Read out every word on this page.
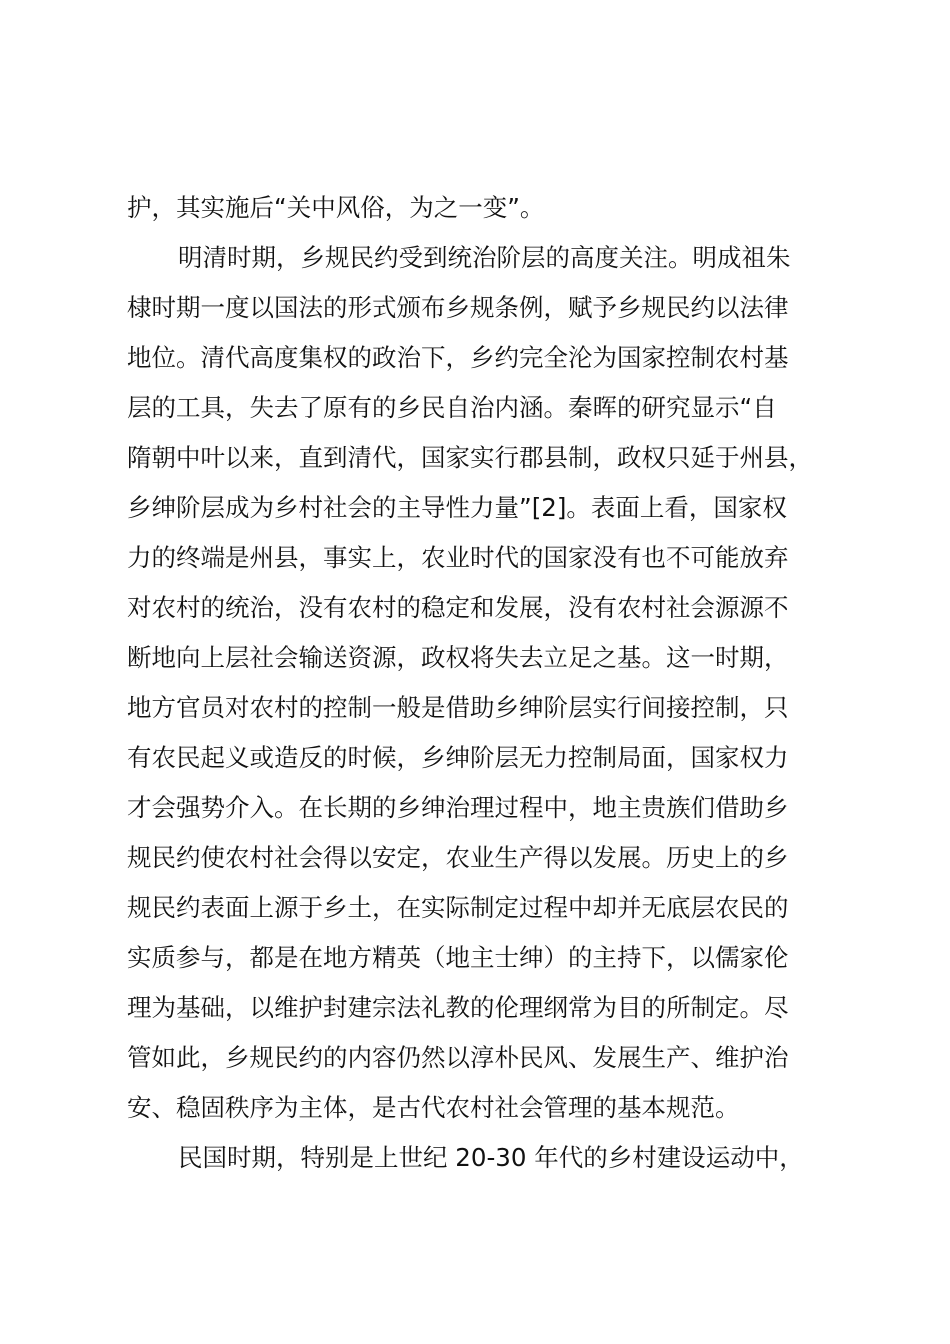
护，其实施后“关中风俗，为之一变”。
明清时期，乡规民约受到统治阶层的高度关注。明成祖朱
棣时期一度以国法的形式颁布乡规条例，赋予乡规民约以法律
地位。清代高度集权的政治下，乡约完全沦为国家控制农村基
层的工具，失去了原有的乡民自治内涵。秦晖的研究显示“自
隋朝中叶以来，直到清代，国家实行郡县制，政权只延于州县，
乡绅阶层成为乡村社会的主导性力量”[2]。表面上看，国家权
力的终端是州县，事实上，农业时代的国家没有也不可能放弃
对农村的统治，没有农村的稳定和发展，没有农村社会源源不
断地向上层社会输送资源，政权将失去立足之基。这一时期，
地方官员对农村的控制一般是借助乡绅阶层实行间接控制，只
有农民起义或造反的时候，乡绅阶层无力控制局面，国家权力
才会强势介入。在长期的乡绅治理过程中，地主贵族们借助乡
规民约使农村社会得以安定，农业生产得以发展。历史上的乡
规民约表面上源于乡土，在实际制定过程中却并无底层农民的
实质参与，都是在地方精英（地主士绅）的主持下，以儒家伦
理为基础，以维护封建宗法礼教的伦理纲常为目的所制定。尽
管如此，乡规民约的内容仍然以淳朴民风、发展生产、维护治
安、稳固秩序为主体，是古代农村社会管理的基本规范。
民国时期，特别是上世纪 20-30 年代的乡村建设运动中，
